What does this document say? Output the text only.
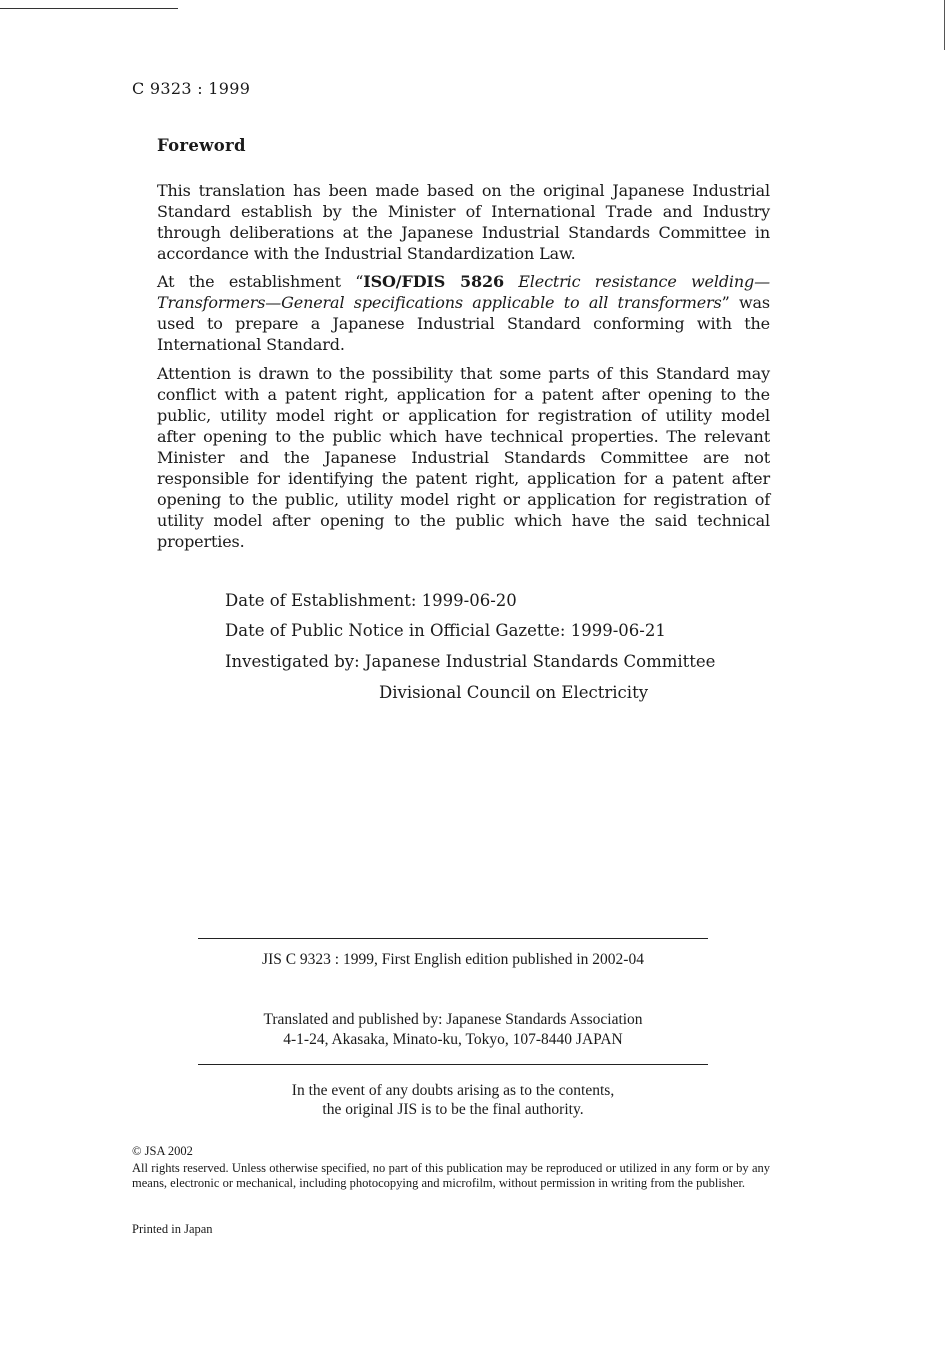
C 9323 : 1999
Foreword
This translation has been made based on the original Japanese Industrial Standard establish by the Minister of International Trade and Industry through deliberations at the Japanese Industrial Standards Committee in accordance with the Industrial Standardization Law.
At the establishment “ISO/FDIS 5826 Electric resistance welding—Transformers—General specifications applicable to all transformers” was used to prepare a Japanese Industrial Standard conforming with the International Standard.
Attention is drawn to the possibility that some parts of this Standard may conflict with a patent right, application for a patent after opening to the public, utility model right or application for registration of utility model after opening to the public which have technical properties. The relevant Minister and the Japanese Industrial Standards Committee are not responsible for identifying the patent right, application for a patent after opening to the public, utility model right or application for registration of utility model after opening to the public which have the said technical properties.
Date of Establishment: 1999-06-20
Date of Public Notice in Official Gazette: 1999-06-21
Investigated by: Japanese Industrial Standards Committee
Divisional Council on Electricity
JIS C 9323 : 1999, First English edition published in 2002-04
Translated and published by: Japanese Standards Association
4-1-24, Akasaka, Minato-ku, Tokyo, 107-8440 JAPAN
In the event of any doubts arising as to the contents,
the original JIS is to be the final authority.
© JSA 2002
All rights reserved. Unless otherwise specified, no part of this publication may be reproduced or utilized in any form or by any means, electronic or mechanical, including photocopying and microfilm, without permission in writing from the publisher.
Printed in Japan
